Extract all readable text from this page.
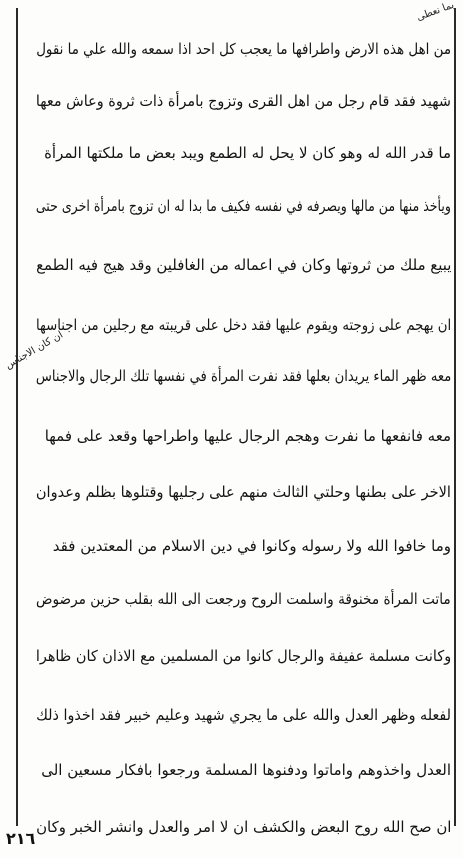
من اهل هذه الارض واطرافها ما يعجب كل احد اذا سمعه والله علي ما نقول
شهيد فقد قام رجل من اهل القرى وتزوج بامرأة ذات ثروة وعاش معها
ما قدر الله له وهو كان لا يحل له الطمع ويبد بعض ما ملكتها المرأة
ويأخذ منها من مالها ويصرفه في نفسه فكيف ما بدا له ان تزوج بامرأة اخرى حتى
يبيع ملك من ثروتها وكان في اعماله من الغافلين وقد هيج فيه الطمع
ان يهجم على زوجته ويقوم عليها فقد دخل على قريبته مع رجلين من اجناسها
معه ظهر الماء يريدان بعلها فقد نفرت المرأة في نفسها تلك الرجال والاجناس
معه فانفعها ما نفرت وهجم الرجال عليها واطراحها وقعد على فمها
الاخر على بطنها وحلتي الثالث منهم على رجليها وقتلوها بظلم وعدوان
وما خافوا الله ولا رسوله وكانوا في دين الاسلام من المعتدين فقد
ماتت المرأة مخنوقة واسلمت الروح ورجعت الى الله بقلب حزين مرضوض
وكانت مسلمة عفيفة والرجال كانوا من المسلمين مع الاذان كان ظاهرا
لفعله وظهر العدل والله على ما يجري شهيد وعليم خبير فقد اخذوا ذلك
العدل واخذوهم واماتوا ودفنوها المسلمة ورجعوا بافكار مسعين الى
ان صح الله روح البعض والكشف ان لا امر والعدل وانشر الخبر وكان
بما نعطى
ان كان الاجناس
٢١٦
